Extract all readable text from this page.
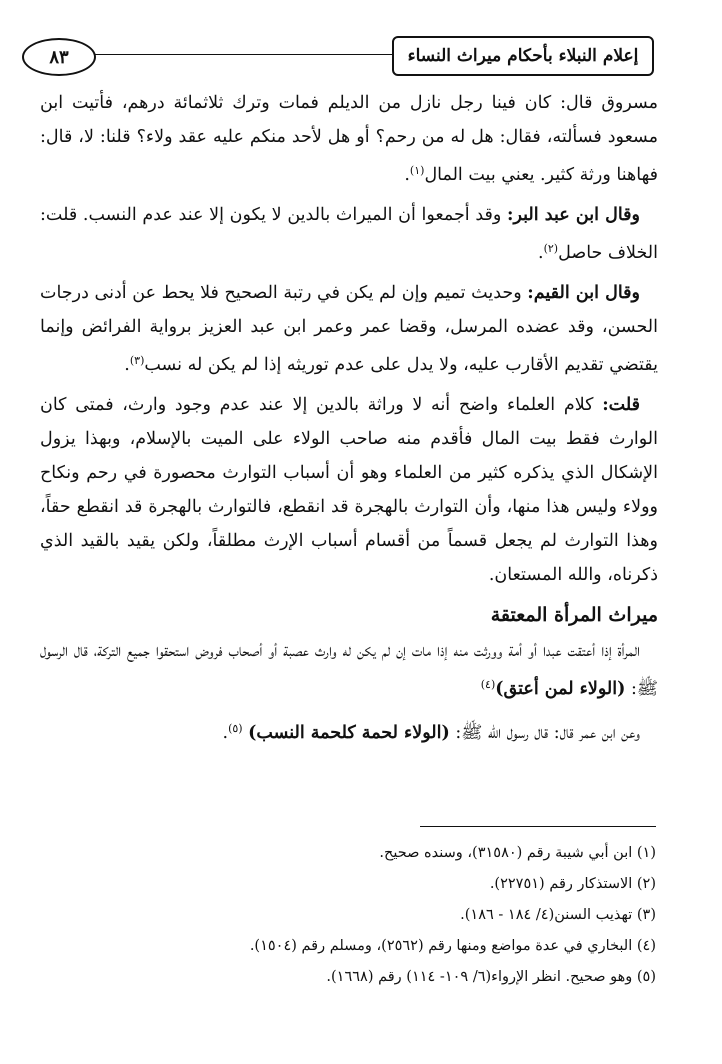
٨٣	إعلام النبلاء بأحكام ميراث النساء

مسروق قال: كان فينا رجل نازل من الديلم فمات وترك ثلاثمائة درهم، فأتيت ابن مسعود فسألته، فقال: هل له من رحم؟ أو هل لأحد منكم عليه عقد ولاء؟ قلنا: لا، قال: فهاهنا ورثة كثير. يعني بيت المال$^{(١)}$.

وقال ابن عبد البر: وقد أجمعوا أن الميراث بالدين لا يكون إلا عند عدم النسب. قلت: الخلاف حاصل$^{(٢)}$.

وقال ابن القيم: وحديث تميم وإن لم يكن في رتبة الصحيح فلا يحط عن أدنى درجات الحسن، وقد عضده المرسل، وقضا عمر وعمر ابن عبد العزيز برواية الفرائض وإنما يقتضي تقديم الأقارب عليه، ولا يدل على عدم توريثه إذا لم يكن له نسب$^{(٣)}$.

قلت: كلام العلماء واضح أنه لا وراثة بالدين إلا عند عدم وجود وارث، فمتى كان الوارث فقط بيت المال فأقدم منه صاحب الولاء على الميت بالإسلام، وبهذا يزول الإشكال الذي يذكره كثير من العلماء وهو أن أسباب التوارث محصورة في رحم ونكاح وولاء وليس هذا منها، وأن التوارث بالهجرة قد انقطع، فالتوارث بالهجرة قد انقطع حقاً، وهذا التوارث لم يجعل قسماً من أقسام أسباب الإرث مطلقاً، ولكن يقيد بالقيد الذي ذكرناه، والله المستعان.

ميراث المرأة المعتقة

المرأة إذا أعتقت عبدا أو أمة وورثت منه إذا مات إن لم يكن له وارث عصبة أو أصحاب فروض استحقوا جميع التركة، قال الرسول ﷺ: (الولاء لمن أعتق)$^{(٤)}$

وعن ابن عمر قال: قال رسول الله ﷺ: (الولاء لحمة كلحمة النسب) $^{(٥)}$.

(١) ابن أبي شيبة رقم (٣١٥٨٠)، وسنده صحيح.

(٢) الاستذكار رقم (٢٢٧٥١).

(٣) تهذيب السنن(٤/ ١٨٤ - ١٨٦).

(٤) البخاري في عدة مواضع ومنها رقم (٢٥٦٢)، ومسلم رقم (١٥٠٤).

(٥) وهو صحيح. انظر الإرواء(٦/ ١٠٩- ١١٤) رقم (١٦٦٨).
